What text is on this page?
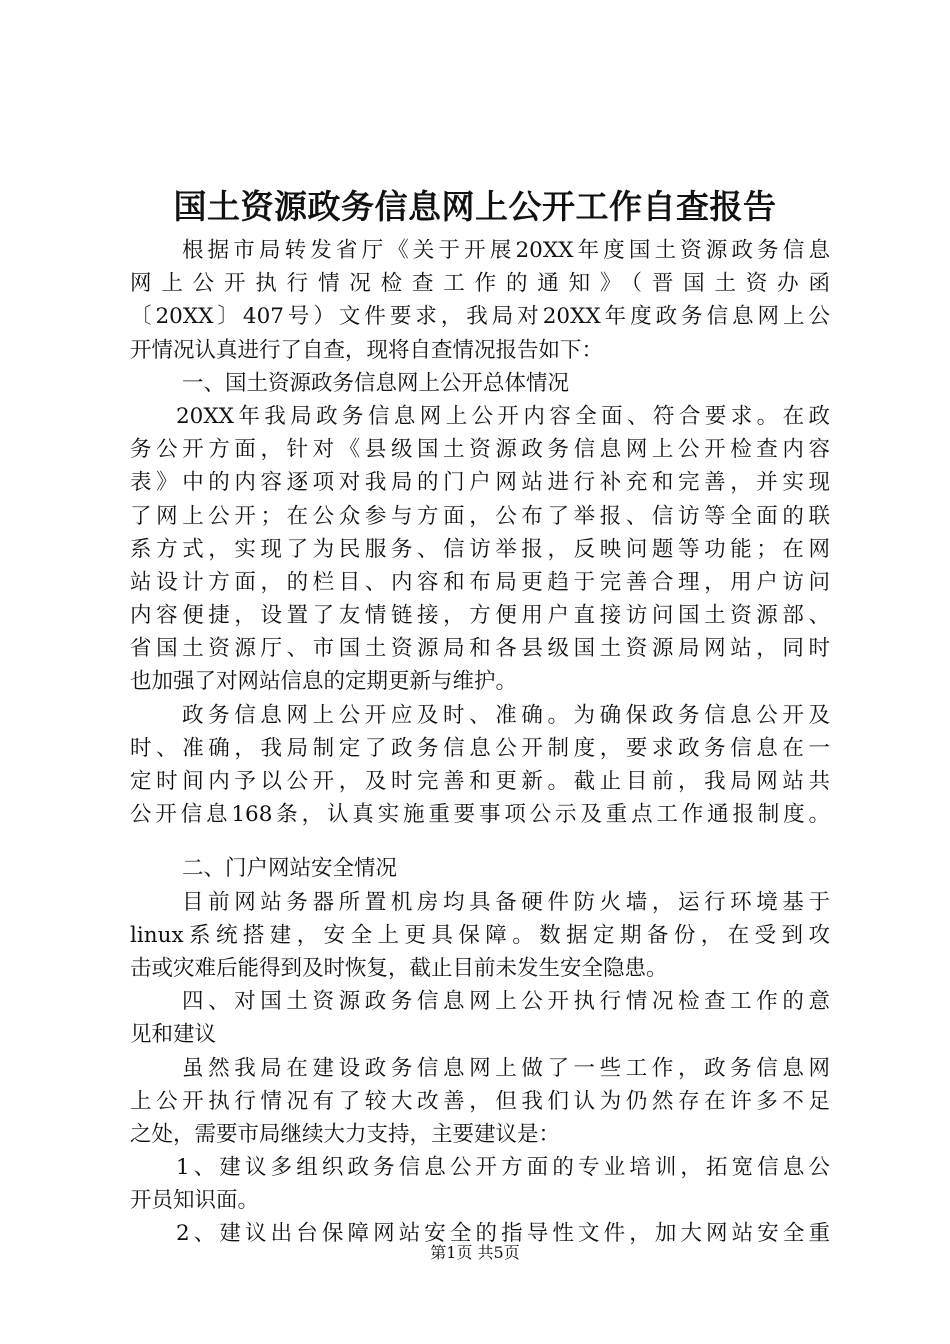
国土资源政务信息网上公开工作自查报告
根据市局转发省厅《关于开展20XX年度国土资源政务信息
网上公开执行情况检查工作的通知》（晋国土资办函
〔20XX〕407号）文件要求，我局对20XX年度政务信息网上公
开情况认真进行了自查，现将自查情况报告如下：
一、国土资源政务信息网上公开总体情况
20XX年我局政务信息网上公开内容全面、符合要求。在政
务公开方面，针对《县级国土资源政务信息网上公开检查内容
表》中的内容逐项对我局的门户网站进行补充和完善，并实现
了网上公开；在公众参与方面，公布了举报、信访等全面的联
系方式，实现了为民服务、信访举报，反映问题等功能；在网
站设计方面，的栏目、内容和布局更趋于完善合理，用户访问
内容便捷，设置了友情链接，方便用户直接访问国土资源部、
省国土资源厅、市国土资源局和各县级国土资源局网站，同时
也加强了对网站信息的定期更新与维护。
政务信息网上公开应及时、准确。为确保政务信息公开及
时、准确，我局制定了政务信息公开制度，要求政务信息在一
定时间内予以公开，及时完善和更新。截止目前，我局网站共
公开信息168条，认真实施重要事项公示及重点工作通报制度。
二、门户网站安全情况
目前网站务器所置机房均具备硬件防火墙，运行环境基于
linux系统搭建，安全上更具保障。数据定期备份，在受到攻
击或灾难后能得到及时恢复，截止目前未发生安全隐患。
四、对国土资源政务信息网上公开执行情况检查工作的意
见和建议
虽然我局在建设政务信息网上做了一些工作，政务信息网
上公开执行情况有了较大改善，但我们认为仍然存在许多不足
之处，需要市局继续大力支持，主要建议是：
1、建议多组织政务信息公开方面的专业培训，拓宽信息公
开员知识面。
2、建议出台保障网站安全的指导性文件，加大网站安全重
第1页 共5页
